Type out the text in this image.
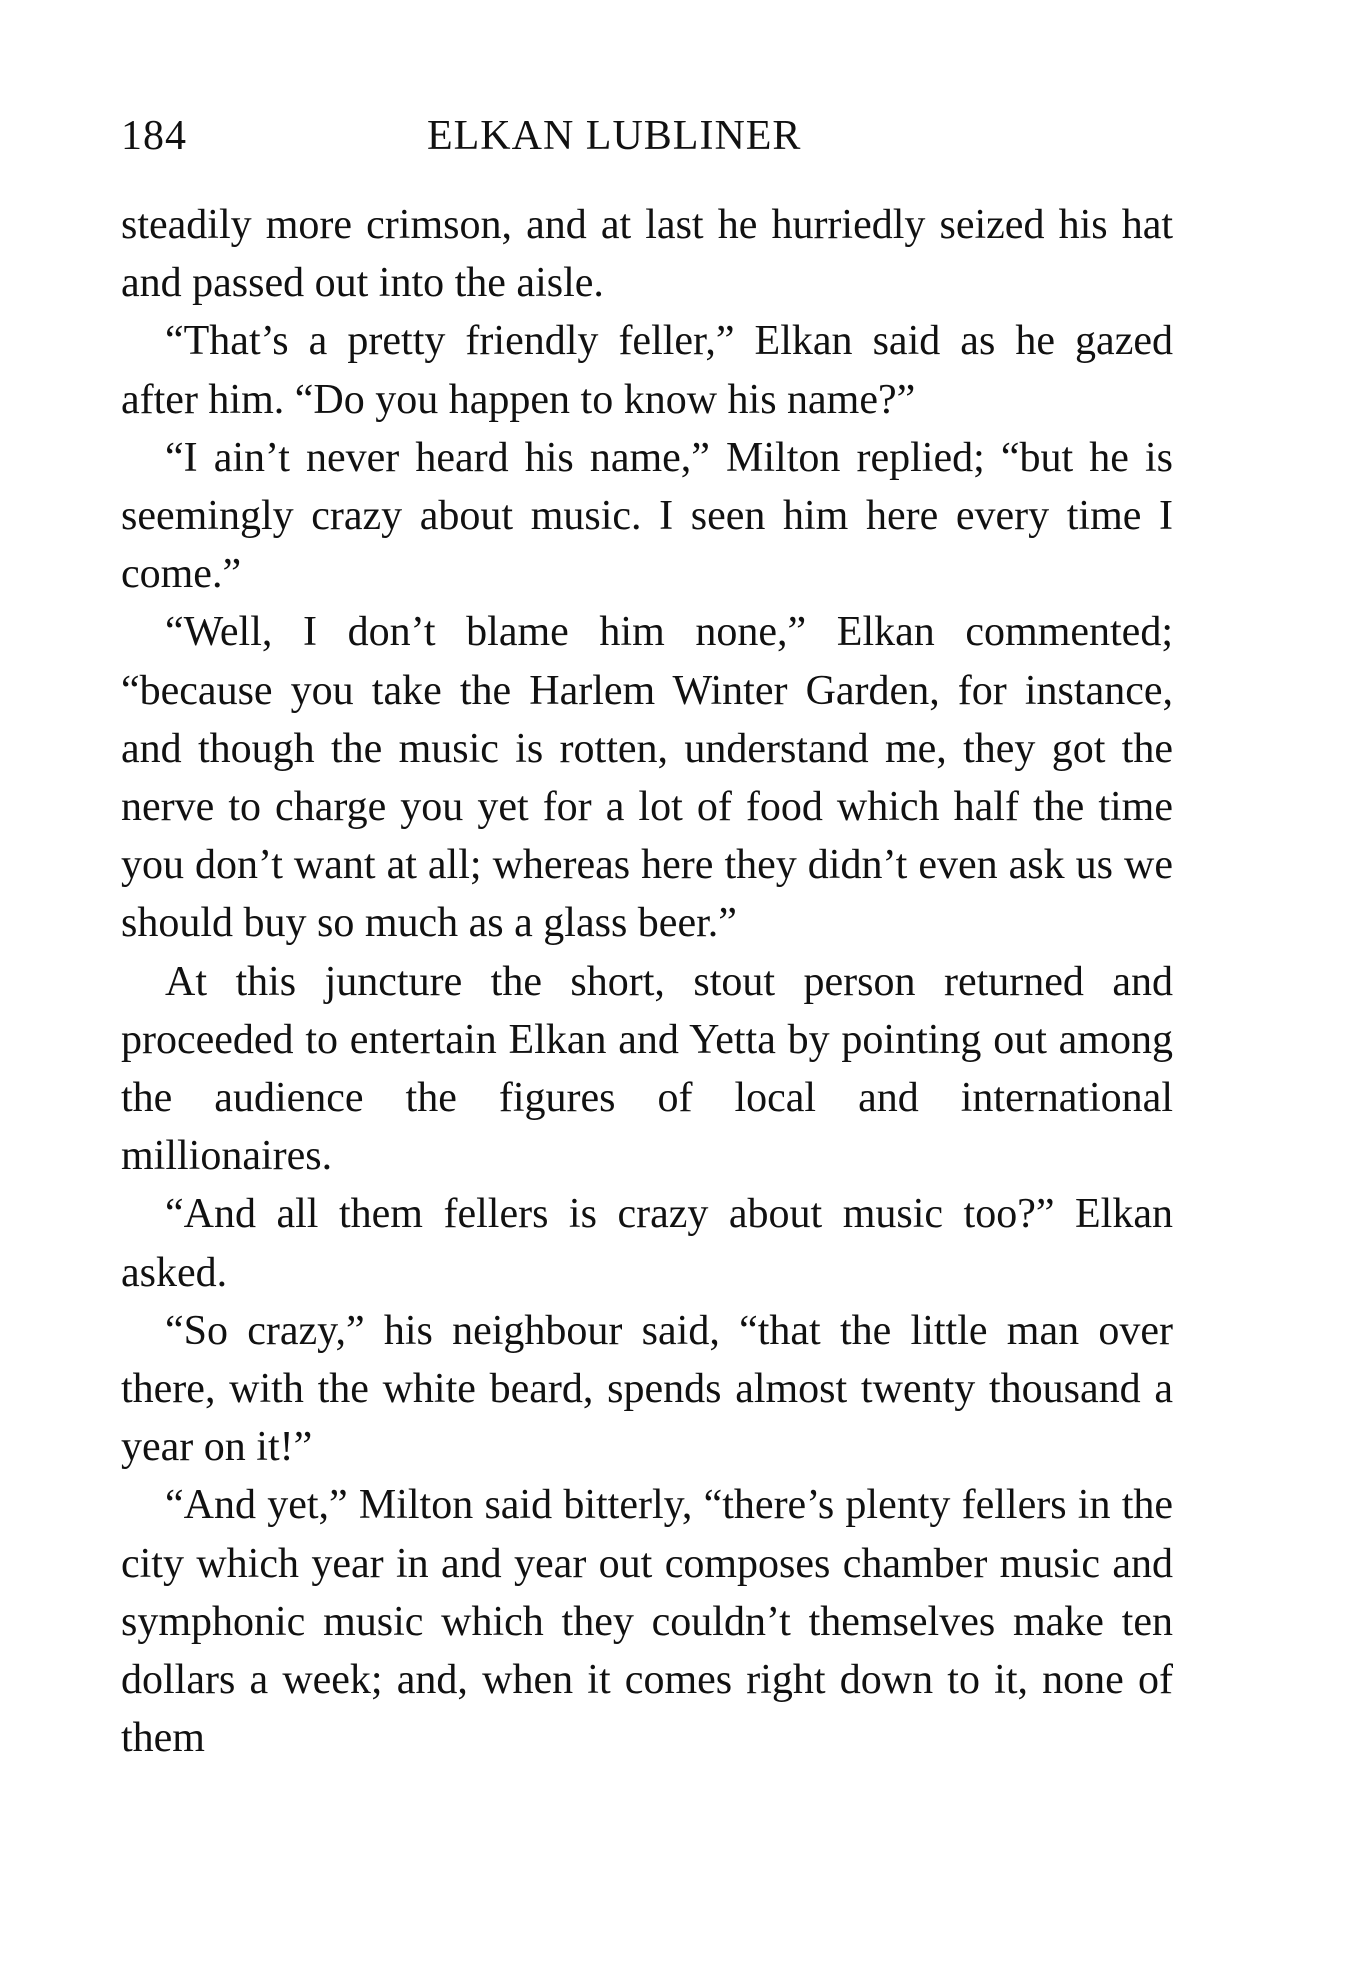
184	ELKAN LUBLINER

steadily more crimson, and at last he hurriedly seized his hat and passed out into the aisle.

“That’s a pretty friendly feller,” Elkan said as he gazed after him. “Do you happen to know his name?”

“I ain’t never heard his name,” Milton replied; “but he is seemingly crazy about music. I seen him here every time I come.”

“Well, I don’t blame him none,” Elkan commented; “because you take the Harlem Winter Garden, for instance, and though the music is rotten, understand me, they got the nerve to charge you yet for a lot of food which half the time you don’t want at all; whereas here they didn’t even ask us we should buy so much as a glass beer.”

At this juncture the short, stout person returned and proceeded to entertain Elkan and Yetta by pointing out among the audience the figures of local and international millionaires.

“And all them fellers is crazy about music too?” Elkan asked.

“So crazy,” his neighbour said, “that the little man over there, with the white beard, spends almost twenty thousand a year on it!”

“And yet,” Milton said bitterly, “there’s plenty fellers in the city which year in and year out composes chamber music and symphonic music which they couldn’t themselves make ten dollars a week; and, when it comes right down to it, none of them
